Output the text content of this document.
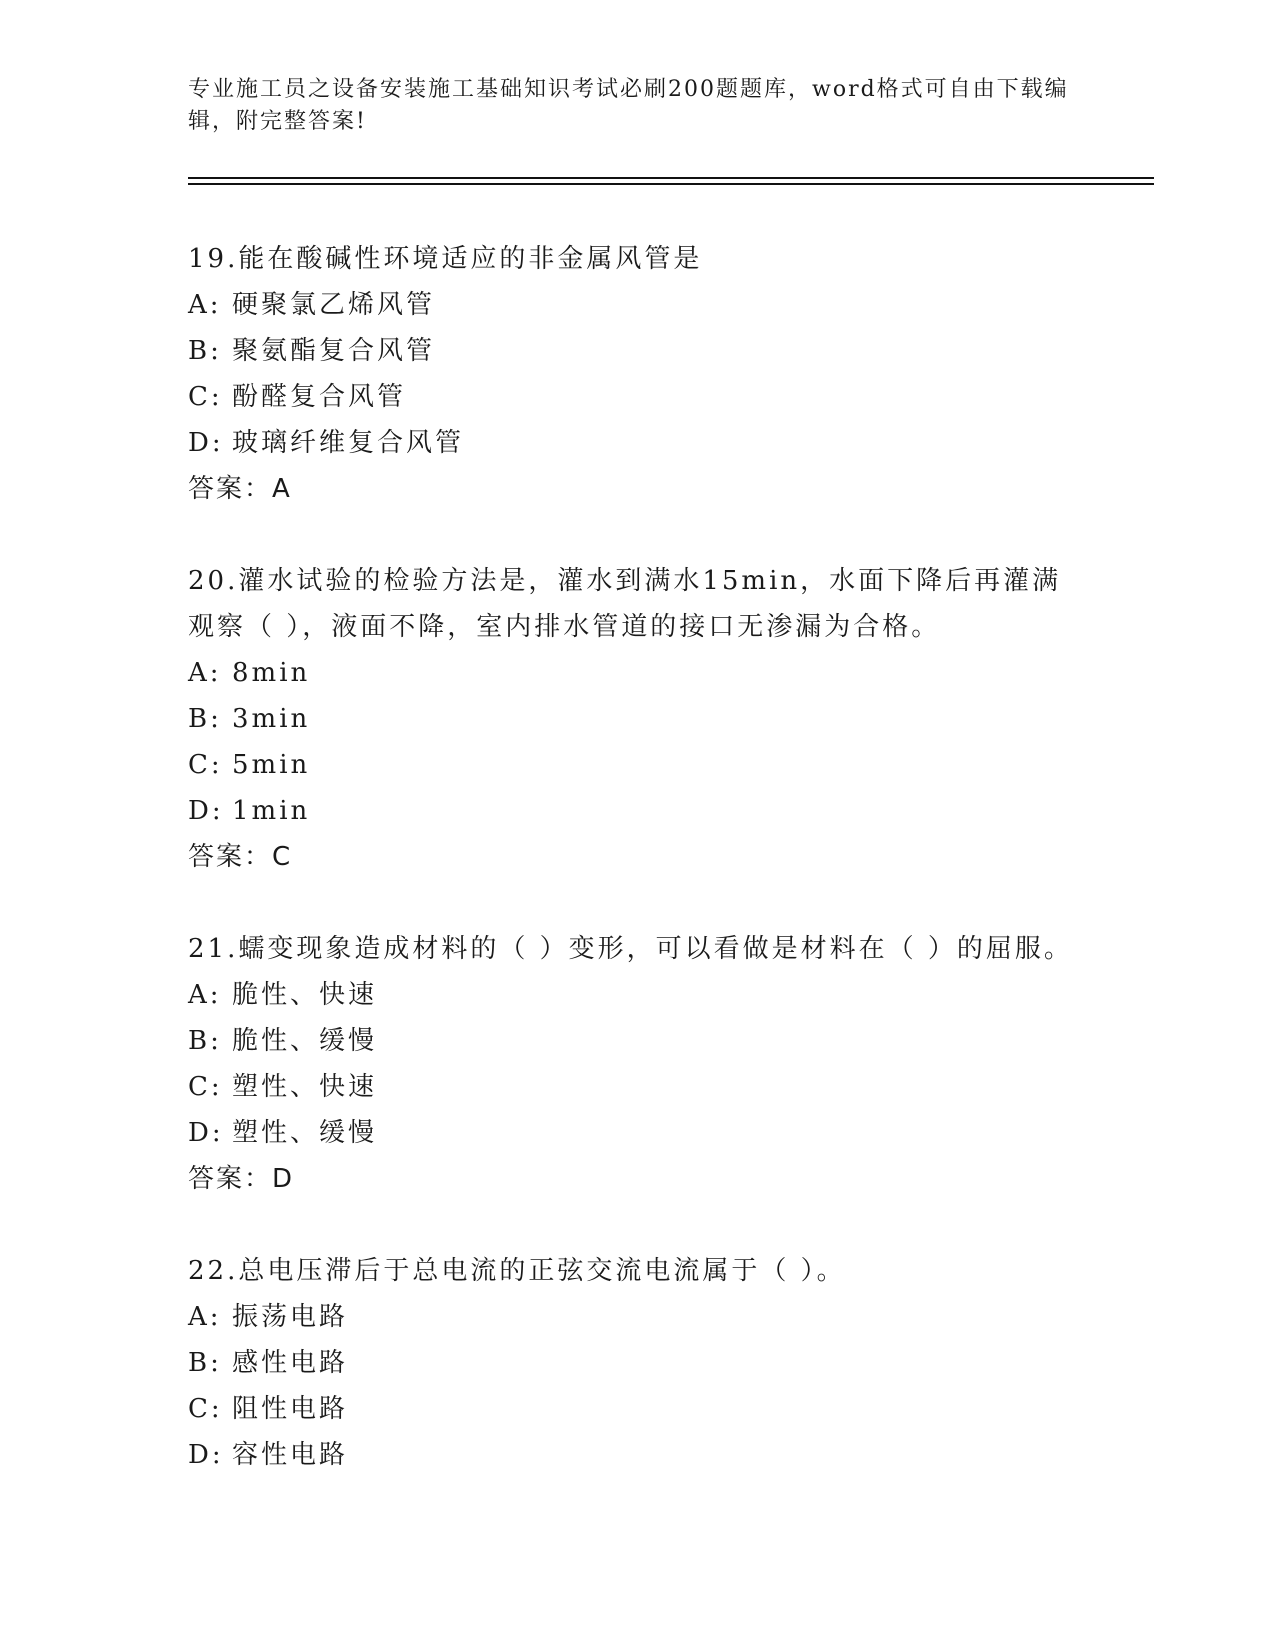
专业施工员之设备安装施工基础知识考试必刷200题题库，word格式可自由下载编辑，附完整答案!

19.能在酸碱性环境适应的非金属风管是

A: 硬聚氯乙烯风管

B: 聚氨酯复合风管

C: 酚醛复合风管

D: 玻璃纤维复合风管

答案：A

20.灌水试验的检验方法是，灌水到满水15min，水面下降后再灌满观察（ ），液面不降，室内排水管道的接口无渗漏为合格。

A: 8min

B: 3min

C: 5min

D: 1min

答案：C

21.蠕变现象造成材料的（ ）变形，可以看做是材料在（ ）的屈服。

A: 脆性、快速

B: 脆性、缓慢

C: 塑性、快速

D: 塑性、缓慢

答案：D

22.总电压滞后于总电流的正弦交流电流属于（ ）。

A: 振荡电路

B: 感性电路

C: 阻性电路

D: 容性电路
